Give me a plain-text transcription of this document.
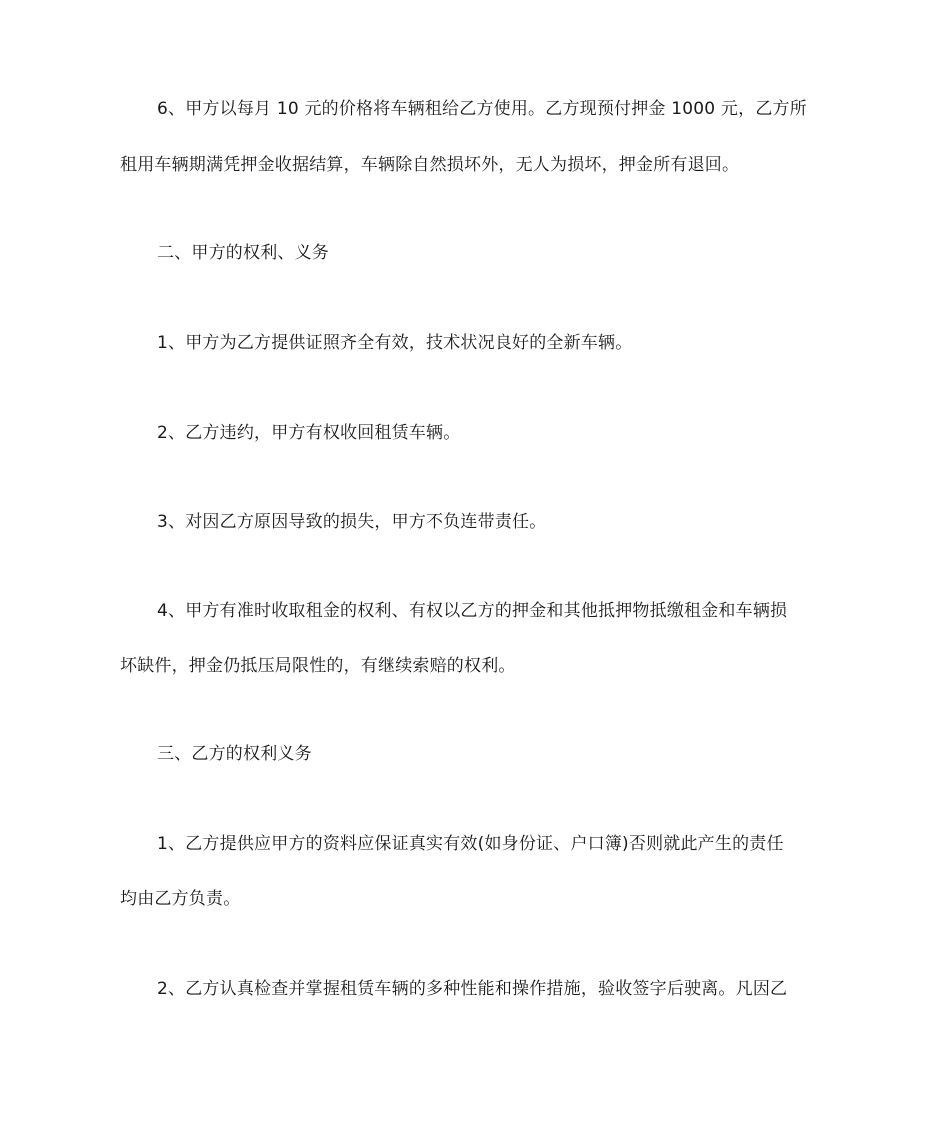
6、甲方以每月 10 元的价格将车辆租给乙方使用。乙方现预付押金 1000 元，乙方所
租用车辆期满凭押金收据结算，车辆除自然损坏外，无人为损坏，押金所有退回。
二、甲方的权利、义务
1、甲方为乙方提供证照齐全有效，技术状况良好的全新车辆。
2、乙方违约，甲方有权收回租赁车辆。
3、对因乙方原因导致的损失，甲方不负连带责任。
4、甲方有准时收取租金的权利、有权以乙方的押金和其他抵押物抵缴租金和车辆损
坏缺件，押金仍抵压局限性的，有继续索赔的权利。
三、乙方的权利义务
1、乙方提供应甲方的资料应保证真实有效(如身份证、户口簿)否则就此产生的责任
均由乙方负责。
2、乙方认真检查并掌握租赁车辆的多种性能和操作措施，验收签字后驶离。凡因乙
